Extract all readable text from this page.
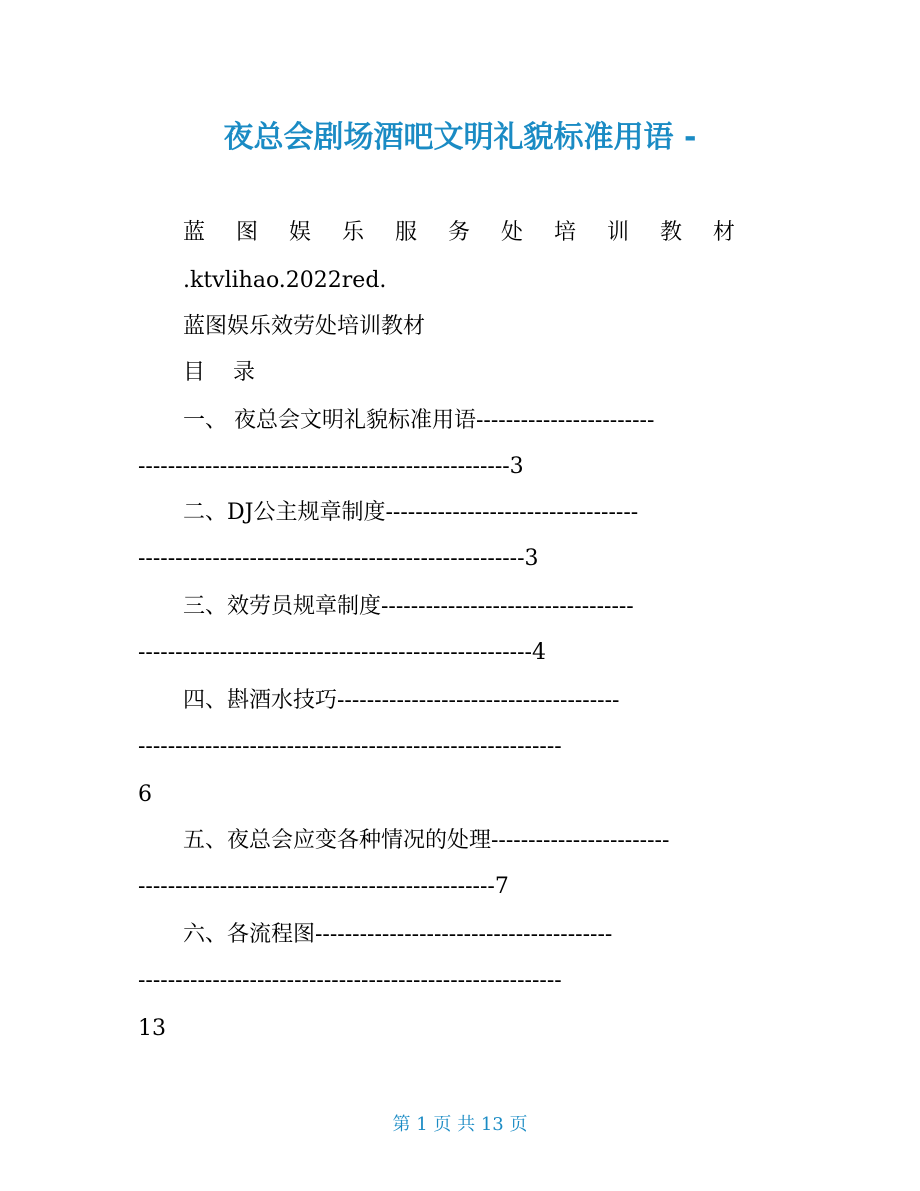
夜总会剧场酒吧文明礼貌标准用语 -
蓝 图 娱 乐 服 务 处 培 训 教 材
.ktvlihao.2022red.
蓝图娱乐效劳处培训教材
目    录
一、 夜总会文明礼貌标准用语------------------------
--------------------------------------------------3
二、DJ公主规章制度----------------------------------
----------------------------------------------------3
三、效劳员规章制度----------------------------------
-----------------------------------------------------4
四、斟酒水技巧--------------------------------------
---------------------------------------------------------
6
五、夜总会应变各种情况的处理------------------------
------------------------------------------------7
六、各流程图----------------------------------------
---------------------------------------------------------
13
第 1 页 共 13 页
